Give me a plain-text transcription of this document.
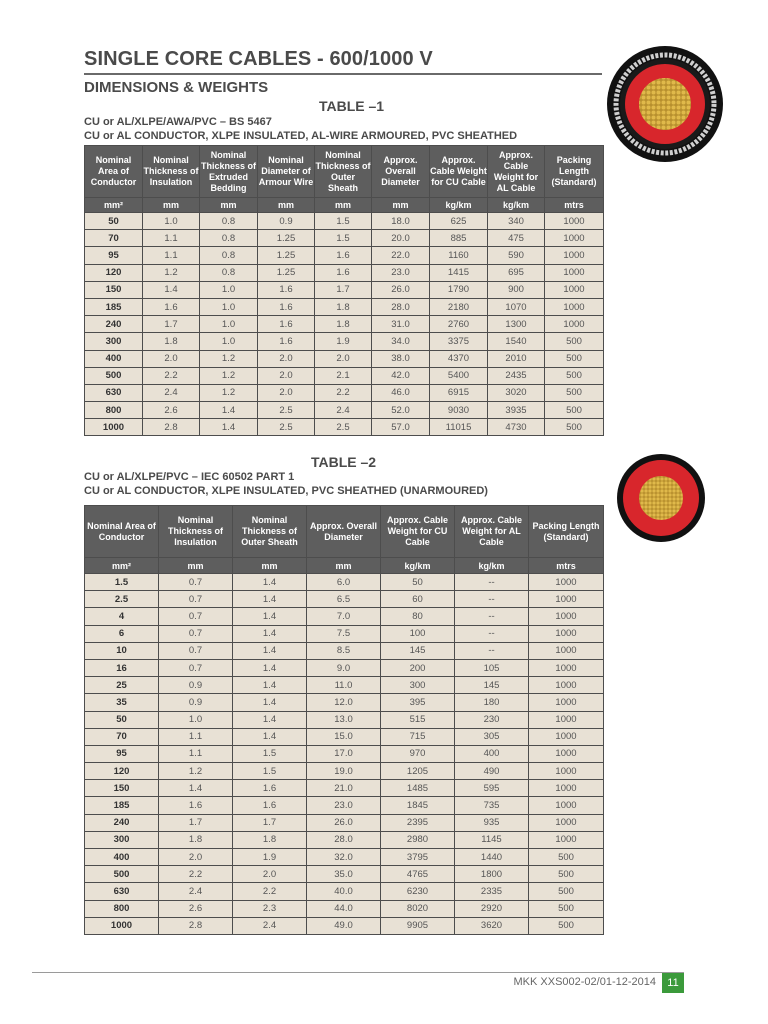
SINGLE CORE CABLES - 600/1000 V
DIMENSIONS & WEIGHTS
TABLE –1
CU or AL/XLPE/AWA/PVC – BS 5467
CU or AL CONDUCTOR, XLPE INSULATED, AL-WIRE ARMOURED, PVC SHEATHED
Nominal Area of Conductor	Nominal Thickness of Insulation	Nominal Thickness of Extruded Bedding	Nominal Diameter of Armour Wire	Nominal Thickness of Outer Sheath	Approx. Overall Diameter	Approx. Cable Weight for CU Cable	Approx. Cable Weight for AL Cable	Packing Length (Standard)
mm²	mm	mm	mm	mm	mm	kg/km	kg/km	mtrs
50	1.0	0.8	0.9	1.5	18.0	625	340	1000
70	1.1	0.8	1.25	1.5	20.0	885	475	1000
95	1.1	0.8	1.25	1.6	22.0	1160	590	1000
120	1.2	0.8	1.25	1.6	23.0	1415	695	1000
150	1.4	1.0	1.6	1.7	26.0	1790	900	1000
185	1.6	1.0	1.6	1.8	28.0	2180	1070	1000
240	1.7	1.0	1.6	1.8	31.0	2760	1300	1000
300	1.8	1.0	1.6	1.9	34.0	3375	1540	500
400	2.0	1.2	2.0	2.0	38.0	4370	2010	500
500	2.2	1.2	2.0	2.1	42.0	5400	2435	500
630	2.4	1.2	2.0	2.2	46.0	6915	3020	500
800	2.6	1.4	2.5	2.4	52.0	9030	3935	500
1000	2.8	1.4	2.5	2.5	57.0	11015	4730	500
TABLE –2
CU or AL/XLPE/PVC – IEC 60502 PART 1
CU or AL CONDUCTOR, XLPE INSULATED, PVC SHEATHED (UNARMOURED)
Nominal Area of Conductor	Nominal Thickness of Insulation	Nominal Thickness of Outer Sheath	Approx. Overall Diameter	Approx. Cable Weight for CU Cable	Approx. Cable Weight for AL Cable	Packing Length (Standard)
mm²	mm	mm	mm	kg/km	kg/km	mtrs
1.5	0.7	1.4	6.0	50	--	1000
2.5	0.7	1.4	6.5	60	--	1000
4	0.7	1.4	7.0	80	--	1000
6	0.7	1.4	7.5	100	--	1000
10	0.7	1.4	8.5	145	--	1000
16	0.7	1.4	9.0	200	105	1000
25	0.9	1.4	11.0	300	145	1000
35	0.9	1.4	12.0	395	180	1000
50	1.0	1.4	13.0	515	230	1000
70	1.1	1.4	15.0	715	305	1000
95	1.1	1.5	17.0	970	400	1000
120	1.2	1.5	19.0	1205	490	1000
150	1.4	1.6	21.0	1485	595	1000
185	1.6	1.6	23.0	1845	735	1000
240	1.7	1.7	26.0	2395	935	1000
300	1.8	1.8	28.0	2980	1145	1000
400	2.0	1.9	32.0	3795	1440	500
500	2.2	2.0	35.0	4765	1800	500
630	2.4	2.2	40.0	6230	2335	500
800	2.6	2.3	44.0	8020	2920	500
1000	2.8	2.4	49.0	9905	3620	500
MKK XXS002-02/01-12-2014	11
